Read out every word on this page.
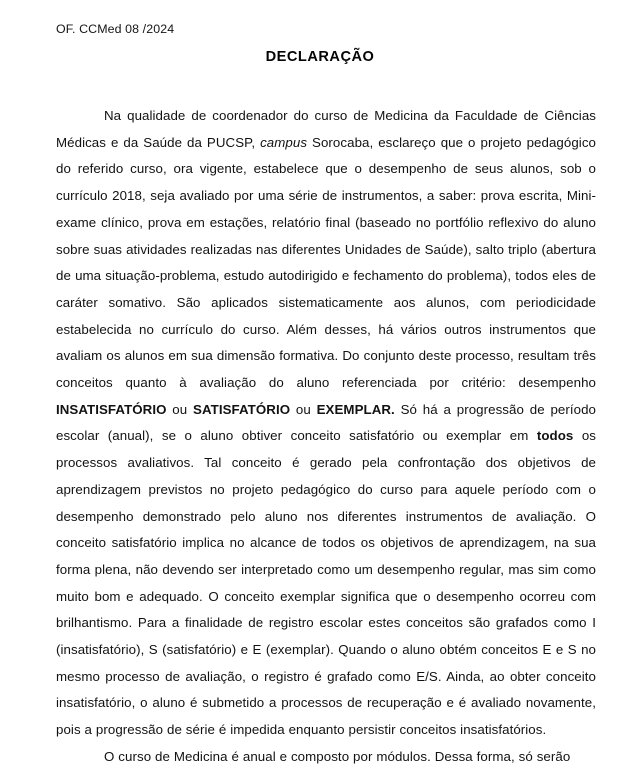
OF. CCMed 08 /2024
DECLARAÇÃO

Na qualidade de coordenador do curso de Medicina da Faculdade de Ciências Médicas e da Saúde da PUCSP, campus Sorocaba, esclareço que o projeto pedagógico do referido curso, ora vigente, estabelece que o desempenho de seus alunos, sob o currículo 2018, seja avaliado por uma série de instrumentos, a saber: prova escrita, Mini-exame clínico, prova em estações, relatório final (baseado no portfólio reflexivo do aluno sobre suas atividades realizadas nas diferentes Unidades de Saúde), salto triplo (abertura de uma situação-problema, estudo autodirigido e fechamento do problema), todos eles de caráter somativo. São aplicados sistematicamente aos alunos, com periodicidade estabelecida no currículo do curso. Além desses, há vários outros instrumentos que avaliam os alunos em sua dimensão formativa. Do conjunto deste processo, resultam três conceitos quanto à avaliação do aluno referenciada por critério: desempenho INSATISFATÓRIO ou SATISFATÓRIO ou EXEMPLAR. Só há a progressão de período escolar (anual), se o aluno obtiver conceito satisfatório ou exemplar em todos os processos avaliativos. Tal conceito é gerado pela confrontação dos objetivos de aprendizagem previstos no projeto pedagógico do curso para aquele período com o desempenho demonstrado pelo aluno nos diferentes instrumentos de avaliação. O conceito satisfatório implica no alcance de todos os objetivos de aprendizagem, na sua forma plena, não devendo ser interpretado como um desempenho regular, mas sim como muito bom e adequado. O conceito exemplar significa que o desempenho ocorreu com brilhantismo. Para a finalidade de registro escolar estes conceitos são grafados como I (insatisfatório), S (satisfatório) e E (exemplar). Quando o aluno obtém conceitos E e S no mesmo processo de avaliação, o registro é grafado como E/S. Ainda, ao obter conceito insatisfatório, o aluno é submetido a processos de recuperação e é avaliado novamente, pois a progressão de série é impedida enquanto persistir conceitos insatisfatórios.

O curso de Medicina é anual e composto por módulos. Dessa forma, só serão
